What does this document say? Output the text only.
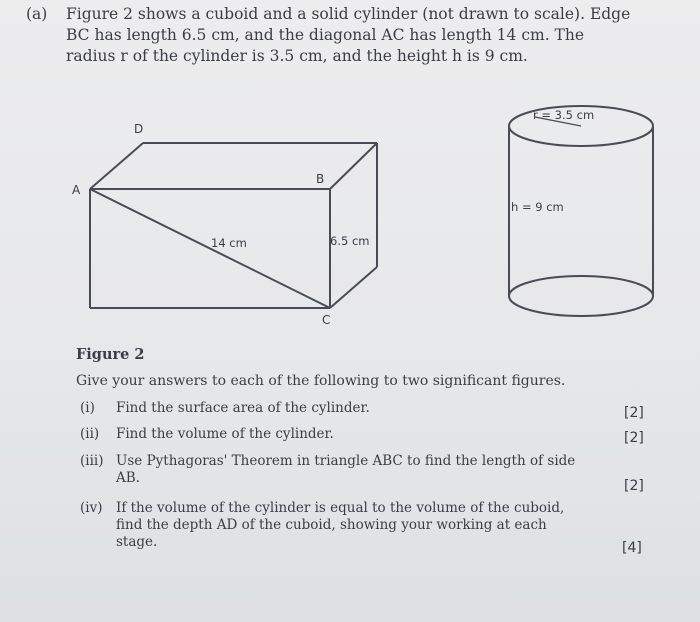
(a) Figure 2 shows a cuboid and a solid cylinder (not drawn to scale). Edge BC has length 6.5 cm, and the diagonal AC has length 14 cm. The radius r of the cylinder is 3.5 cm, and the height h is 9 cm.
A
D
B
C
14 cm	6.5 cm
r = 3.5 cm
h = 9 cm
Figure 2
Give your answers to each of the following to two significant figures.
(i) Find the surface area of the cylinder.	[2]
(ii) Find the volume of the cylinder.	[2]
(iii) Use Pythagoras' Theorem in triangle ABC to find the length of side AB.	[2]
(iv) If the volume of the cylinder is equal to the volume of the cuboid, find the depth AD of the cuboid, showing your working at each stage.	[4]
